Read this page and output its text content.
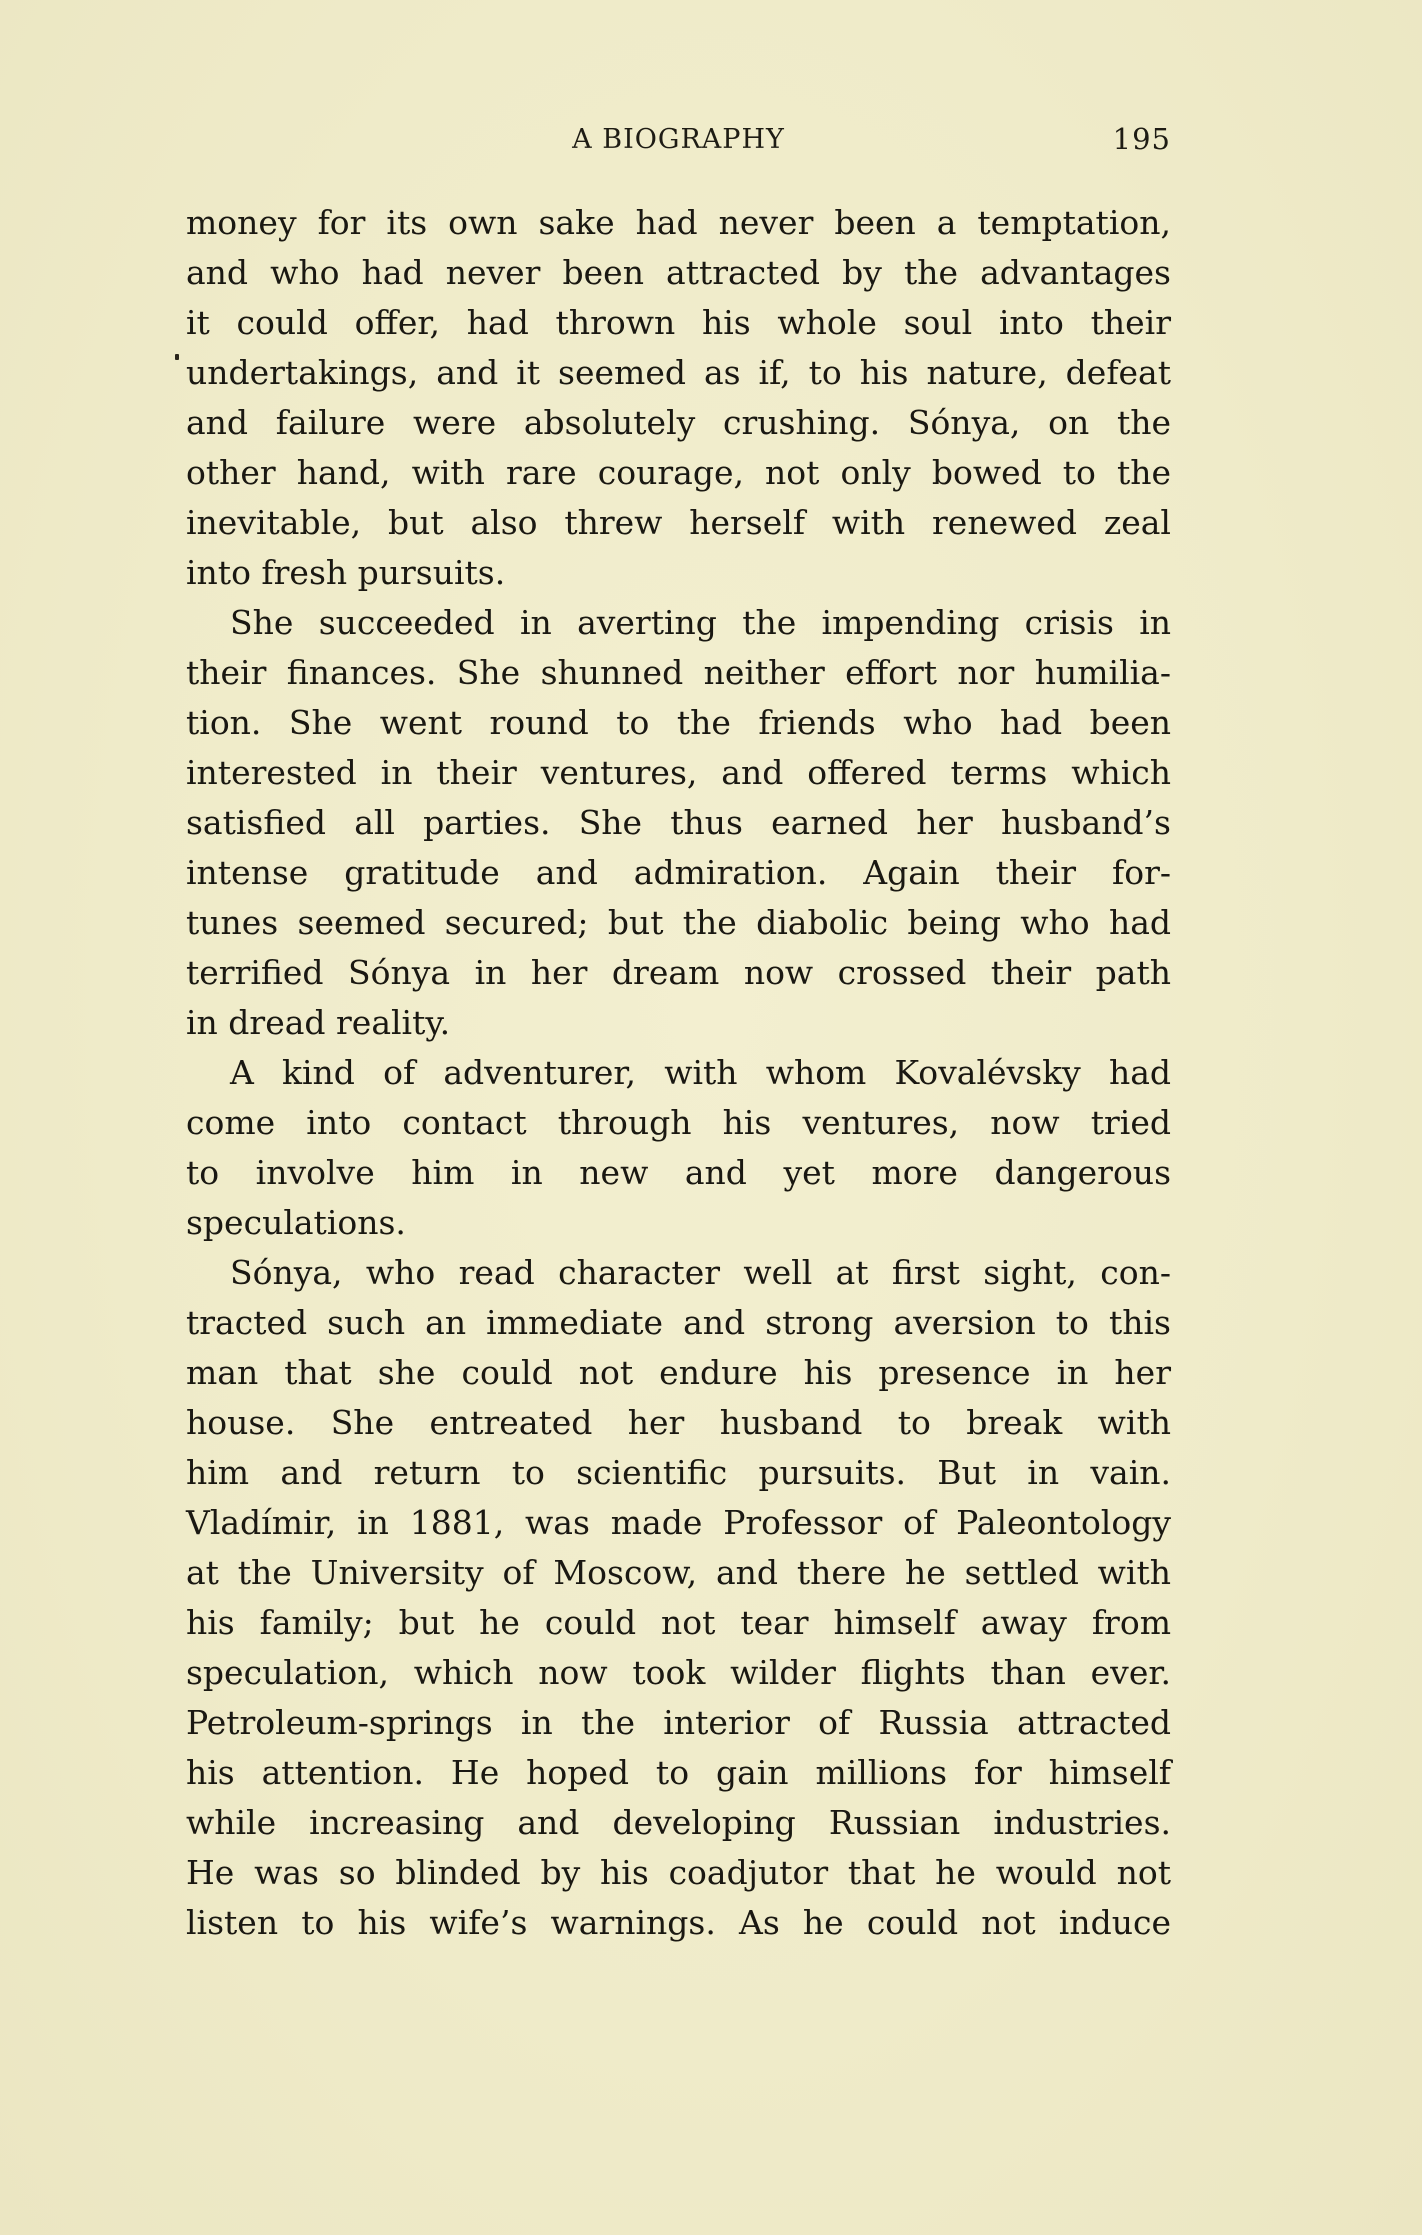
A BIOGRAPHY	195
money for its own sake had never been a temptation,
and who had never been attracted by the advantages
it could offer, had thrown his whole soul into their
undertakings, and it seemed as if, to his nature, defeat
and failure were absolutely crushing. Sónya, on the
other hand, with rare courage, not only bowed to the
inevitable, but also threw herself with renewed zeal
into fresh pursuits.
She succeeded in averting the impending crisis in
their finances. She shunned neither effort nor humilia-
tion. She went round to the friends who had been
interested in their ventures, and offered terms which
satisfied all parties. She thus earned her husband’s
intense gratitude and admiration. Again their for-
tunes seemed secured; but the diabolic being who had
terrified Sónya in her dream now crossed their path
in dread reality.
A kind of adventurer, with whom Kovalévsky had
come into contact through his ventures, now tried
to involve him in new and yet more dangerous
speculations.
Sónya, who read character well at first sight, con-
tracted such an immediate and strong aversion to this
man that she could not endure his presence in her
house. She entreated her husband to break with
him and return to scientific pursuits. But in vain.
Vladímir, in 1881, was made Professor of Paleontology
at the University of Moscow, and there he settled with
his family; but he could not tear himself away from
speculation, which now took wilder flights than ever.
Petroleum-springs in the interior of Russia attracted
his attention. He hoped to gain millions for himself
while increasing and developing Russian industries.
He was so blinded by his coadjutor that he would not
listen to his wife’s warnings. As he could not induce
